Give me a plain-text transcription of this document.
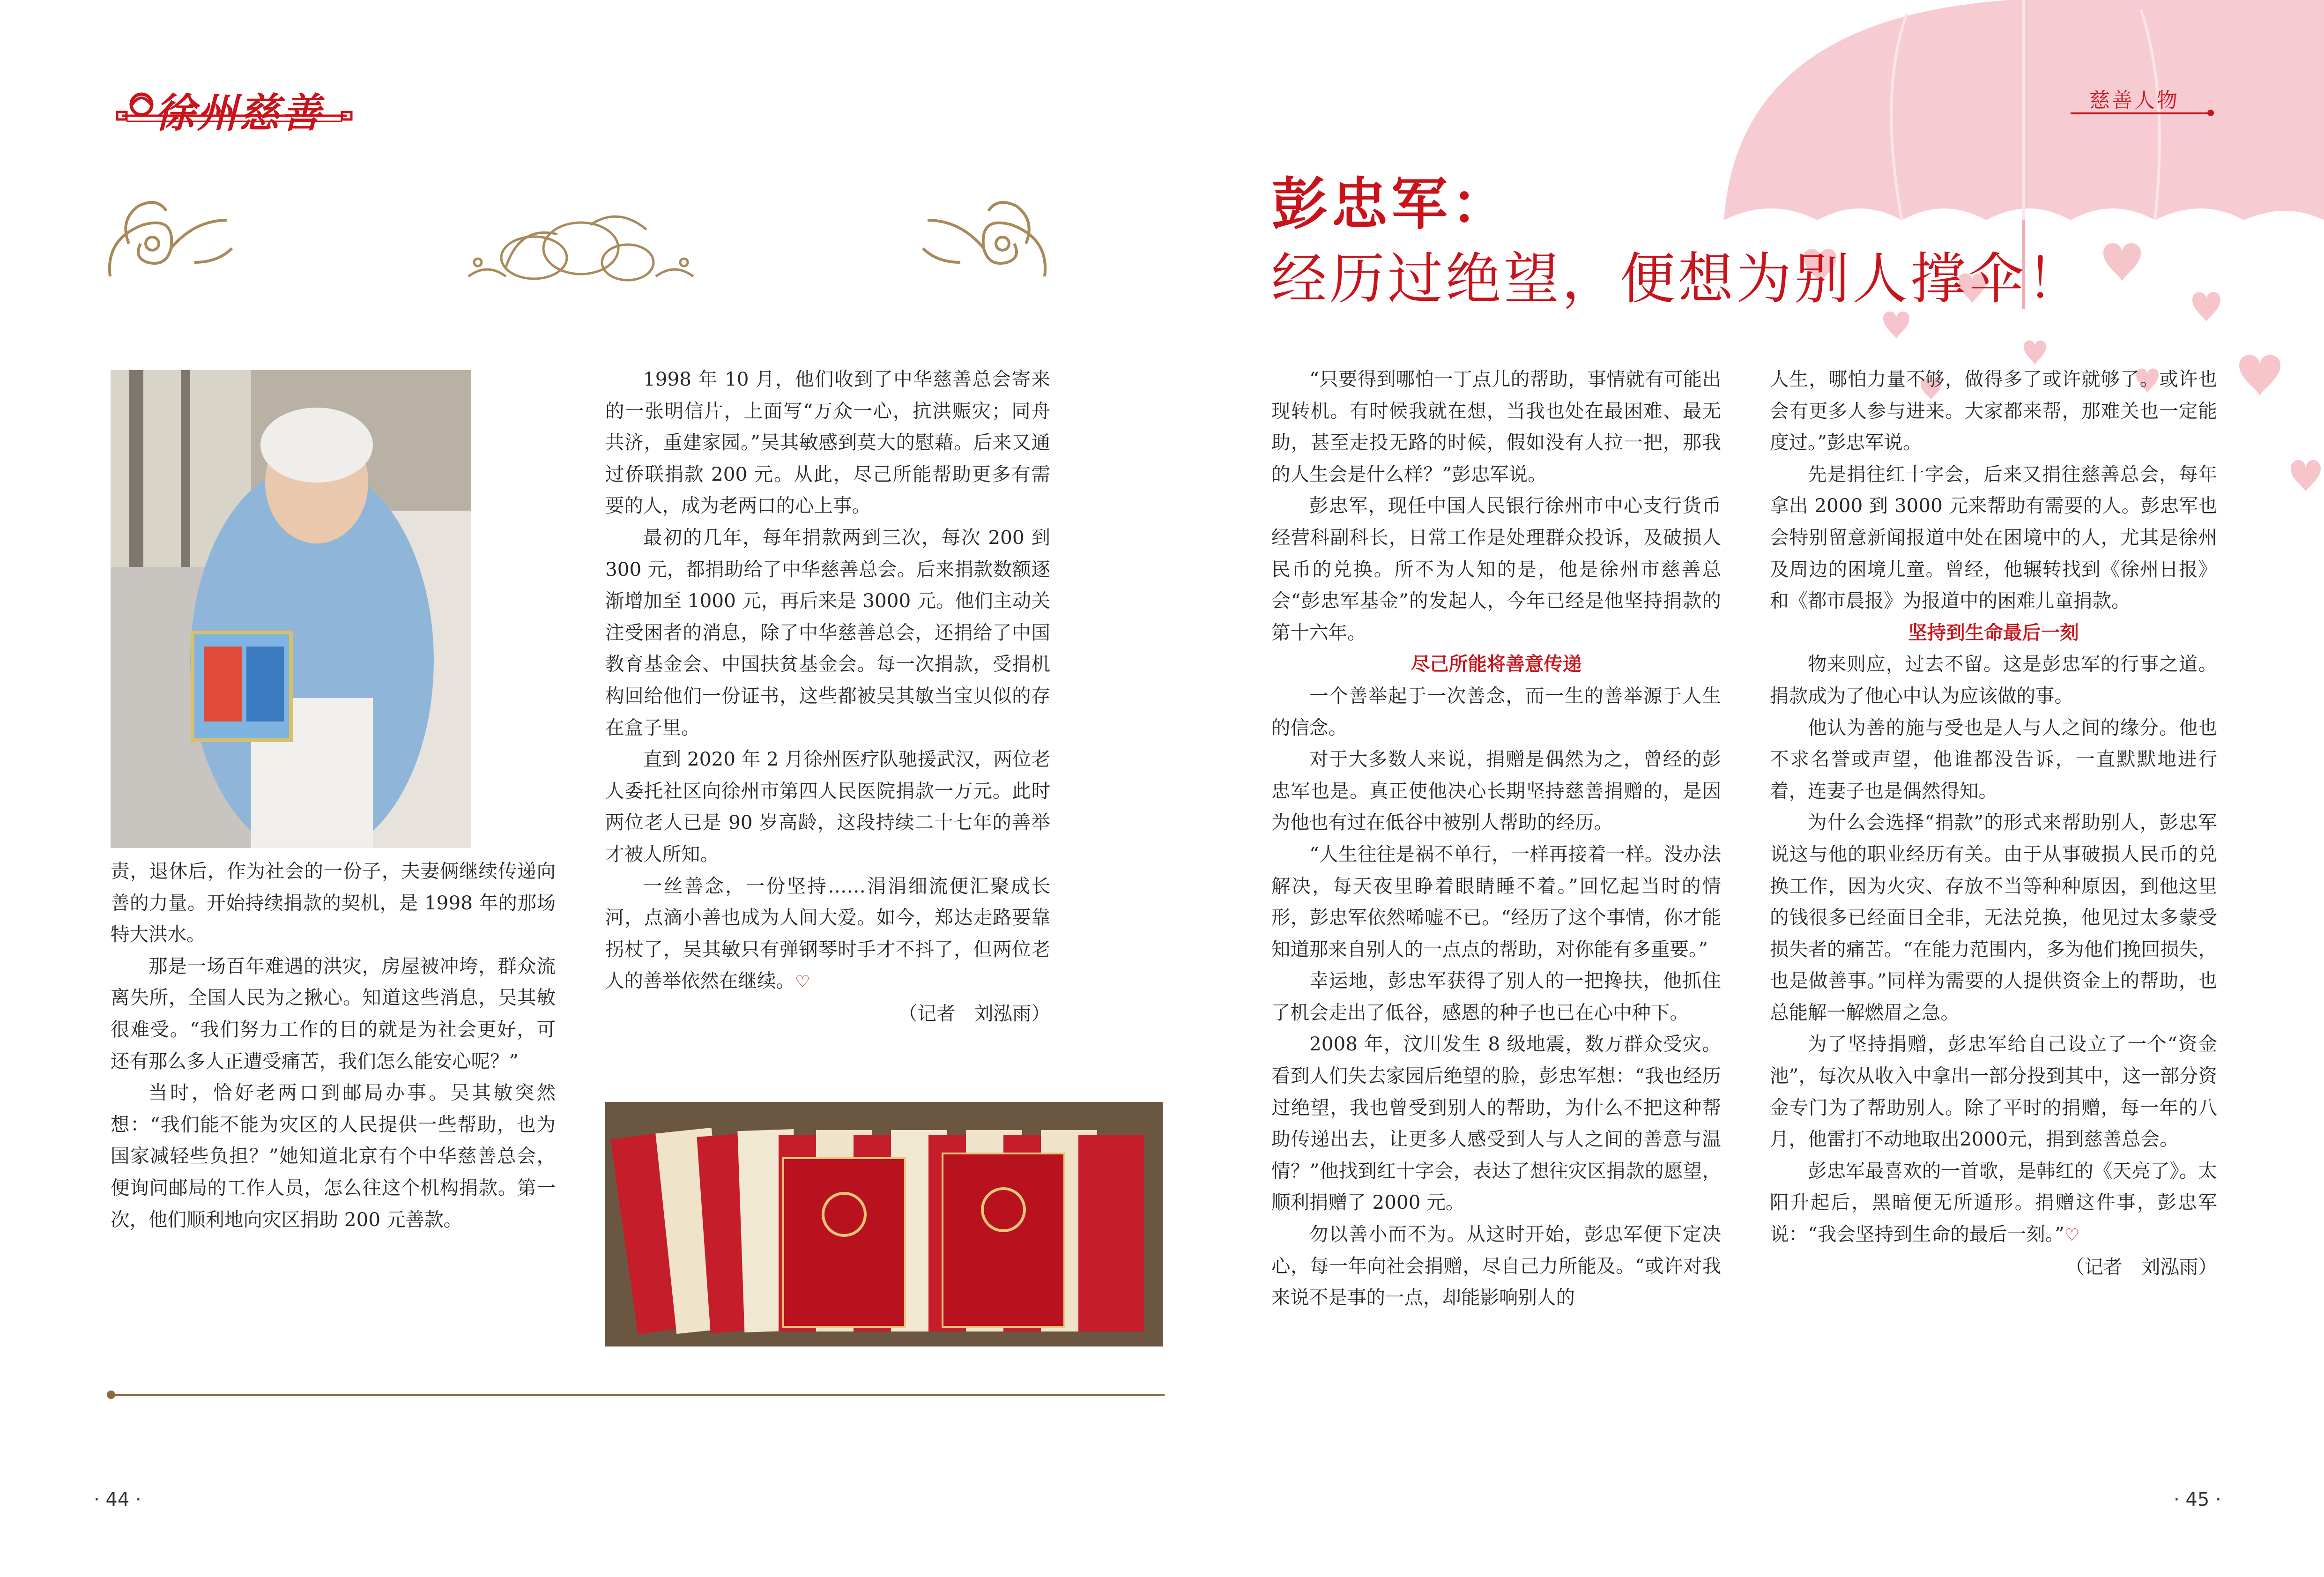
徐州慈善

责，退休后，作为社会的一份子，夫妻俩继续传递向善的力量。开始持续捐款的契机，是 1998 年的那场特大洪水。

那是一场百年难遇的洪灾，房屋被冲垮，群众流离失所，全国人民为之揪心。知道这些消息，吴其敏很难受。“我们努力工作的目的就是为社会更好，可还有那么多人正遭受痛苦，我们怎么能安心呢？”

当时，恰好老两口到邮局办事。吴其敏突然想：“我们能不能为灾区的人民提供一些帮助，也为国家减轻些负担？”她知道北京有个中华慈善总会，便询问邮局的工作人员，怎么往这个机构捐款。第一次，他们顺利地向灾区捐助 200 元善款。

1998 年 10 月，他们收到了中华慈善总会寄来的一张明信片，上面写“万众一心，抗洪赈灾；同舟共济，重建家园。”吴其敏感到莫大的慰藉。后来又通过侨联捐款 200 元。从此，尽己所能帮助更多有需要的人，成为老两口的心上事。

最初的几年，每年捐款两到三次，每次 200 到 300 元，都捐助给了中华慈善总会。后来捐款数额逐渐增加至 1000 元，再后来是 3000 元。他们主动关注受困者的消息，除了中华慈善总会，还捐给了中国教育基金会、中国扶贫基金会。每一次捐款，受捐机构回给他们一份证书，这些都被吴其敏当宝贝似的存在盒子里。

直到 2020 年 2 月徐州医疗队驰援武汉，两位老人委托社区向徐州市第四人民医院捐款一万元。此时两位老人已是 90 岁高龄，这段持续二十七年的善举才被人所知。

一丝善念，一份坚持……涓涓细流便汇聚成长河，点滴小善也成为人间大爱。如今，郑达走路要靠拐杖了，吴其敏只有弹钢琴时手才不抖了，但两位老人的善举依然在继续。♡

（记者　刘泓雨）

· 44 ·
慈善人物
彭忠军：
经历过绝望，便想为别人撑伞！

“只要得到哪怕一丁点儿的帮助，事情就有可能出现转机。有时候我就在想，当我也处在最困难、最无助，甚至走投无路的时候，假如没有人拉一把，那我的人生会是什么样？”彭忠军说。

彭忠军，现任中国人民银行徐州市中心支行货币经营科副科长，日常工作是处理群众投诉，及破损人民币的兑换。所不为人知的是，他是徐州市慈善总会“彭忠军基金”的发起人，今年已经是他坚持捐款的第十六年。

尽己所能将善意传递

一个善举起于一次善念，而一生的善举源于人生的信念。

对于大多数人来说，捐赠是偶然为之，曾经的彭忠军也是。真正使他决心长期坚持慈善捐赠的，是因为他也有过在低谷中被别人帮助的经历。

“人生往往是祸不单行，一样再接着一样。没办法解决，每天夜里睁着眼睛睡不着。”回忆起当时的情形，彭忠军依然唏嘘不已。“经历了这个事情，你才能知道那来自别人的一点点的帮助，对你能有多重要。”

幸运地，彭忠军获得了别人的一把搀扶，他抓住了机会走出了低谷，感恩的种子也已在心中种下。

2008 年，汶川发生 8 级地震，数万群众受灾。看到人们失去家园后绝望的脸，彭忠军想：“我也经历过绝望，我也曾受到别人的帮助，为什么不把这种帮助传递出去，让更多人感受到人与人之间的善意与温情？”他找到红十字会，表达了想往灾区捐款的愿望，顺利捐赠了 2000 元。

勿以善小而不为。从这时开始，彭忠军便下定决心，每一年向社会捐赠，尽自己力所能及。“或许对我来说不是事的一点，却能影响别人的

人生，哪怕力量不够，做得多了或许就够了。或许也会有更多人参与进来。大家都来帮，那难关也一定能度过。”彭忠军说。

先是捐往红十字会，后来又捐往慈善总会，每年拿出 2000 到 3000 元来帮助有需要的人。彭忠军也会特别留意新闻报道中处在困境中的人，尤其是徐州及周边的困境儿童。曾经，他辗转找到《徐州日报》和《都市晨报》为报道中的困难儿童捐款。

坚持到生命最后一刻

物来则应，过去不留。这是彭忠军的行事之道。捐款成为了他心中认为应该做的事。

他认为善的施与受也是人与人之间的缘分。他也不求名誉或声望，他谁都没告诉，一直默默地进行着，连妻子也是偶然得知。

为什么会选择“捐款”的形式来帮助别人，彭忠军说这与他的职业经历有关。由于从事破损人民币的兑换工作，因为火灾、存放不当等种种原因，到他这里的钱很多已经面目全非，无法兑换，他见过太多蒙受损失者的痛苦。“在能力范围内，多为他们挽回损失，也是做善事。”同样为需要的人提供资金上的帮助，也总能解一解燃眉之急。

为了坚持捐赠，彭忠军给自己设立了一个“资金池”，每次从收入中拿出一部分投到其中，这一部分资金专门为了帮助别人。除了平时的捐赠，每一年的八月，他雷打不动地取出2000元，捐到慈善总会。

彭忠军最喜欢的一首歌，是韩红的《天亮了》。太阳升起后，黑暗便无所遁形。捐赠这件事，彭忠军说：“我会坚持到生命的最后一刻。”♡

（记者　刘泓雨）

· 45 ·
